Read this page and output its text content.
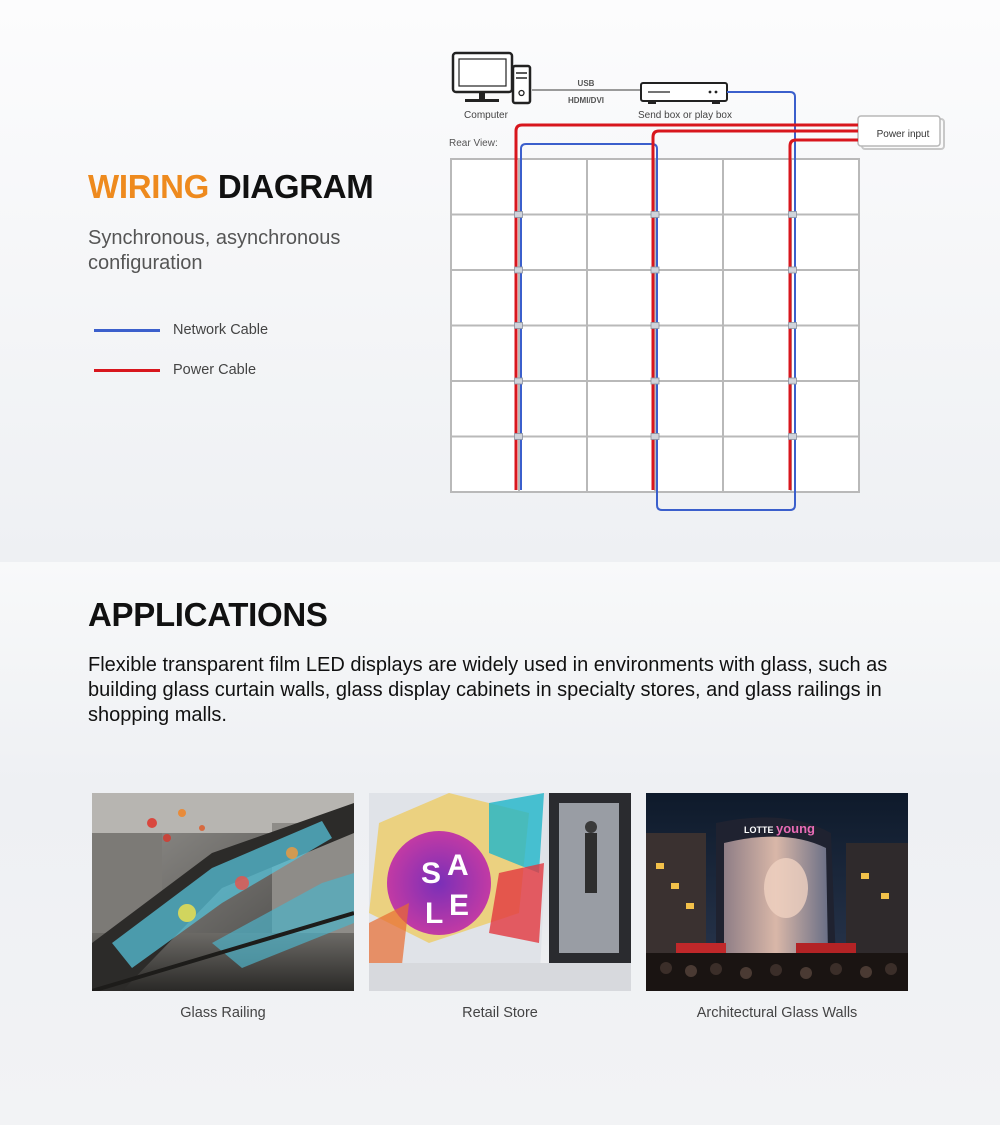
WIRING DIAGRAM
Synchronous, asynchronous configuration
Network Cable
Power Cable
Computer
USB
HDMI/DVI
Send box or play box
Power input
Rear View:
APPLICATIONS

Flexible transparent film LED displays are widely used in environments with glass, such as building glass curtain walls, glass display cabinets in specialty stores, and glass railings in shopping malls.

Glass Railing
S A
L E
Retail Store
LOTTE young
Architectural Glass Walls
